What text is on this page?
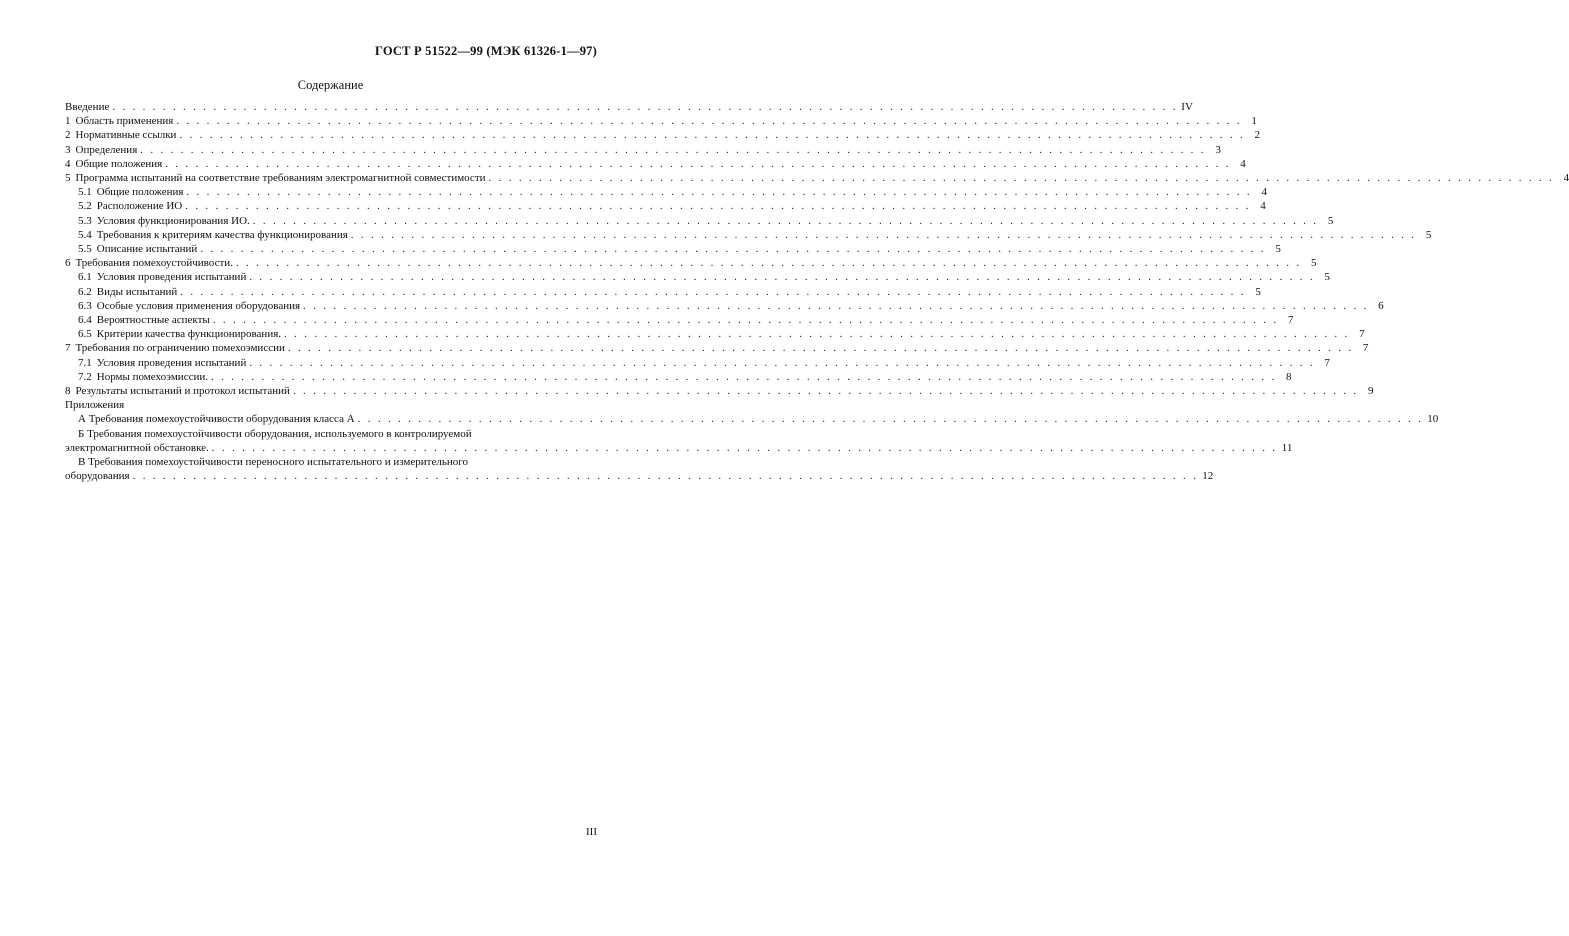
ГОСТ Р 51522—99 (МЭК 61326-1—97)
Содержание
Введение . . . . . . . . . . . . . . . . . . . . . . . . . . . . . . . . . . . . . . . . . . . . . . . . . . . . . . . . . . . . . . . . . . . . . . . . . . . . . . . . . . . . . . . . . . . . . . . . . . . . . . . . . . IV
1 Область применения . . . . . . . . . . . . . . . . . . . . . . . . . . . . . . . . . . . . . . . . . . . . . . . . . . . . . . . . . . . . . . . . . . . . . . . . . . . . . . . . . . . . . . . . . . . . . . . . . . . . . . . . . . 1
2 Нормативные ссылки . . . . . . . . . . . . . . . . . . . . . . . . . . . . . . . . . . . . . . . . . . . . . . . . . . . . . . . . . . . . . . . . . . . . . . . . . . . . . . . . . . . . . . . . . . . . . . . . . . . . . . . . . . 2
3 Определения . . . . . . . . . . . . . . . . . . . . . . . . . . . . . . . . . . . . . . . . . . . . . . . . . . . . . . . . . . . . . . . . . . . . . . . . . . . . . . . . . . . . . . . . . . . . . . . . . . . . . . . . . . 3
4 Общие положения . . . . . . . . . . . . . . . . . . . . . . . . . . . . . . . . . . . . . . . . . . . . . . . . . . . . . . . . . . . . . . . . . . . . . . . . . . . . . . . . . . . . . . . . . . . . . . . . . . . . . . . . . . 4
5 Программа испытаний на соответствие требованиям электромагнитной совместимости . . . . . . . . . . . . . . . . . . . . . . . . . . . . . . . . . . . . . . . . . . . . . . . . . . . . . . . . . . . . . . . . . . . . . . . . . . . . . . . . . . . . . . . . . . . . . . . . . . . . . . . . . . 4
5.1 Общие положения . . . . . . . . . . . . . . . . . . . . . . . . . . . . . . . . . . . . . . . . . . . . . . . . . . . . . . . . . . . . . . . . . . . . . . . . . . . . . . . . . . . . . . . . . . . . . . . . . . . . . . . . . . 4
5.2 Расположение ИО . . . . . . . . . . . . . . . . . . . . . . . . . . . . . . . . . . . . . . . . . . . . . . . . . . . . . . . . . . . . . . . . . . . . . . . . . . . . . . . . . . . . . . . . . . . . . . . . . . . . . . . . . . 4
5.3 Условия функционирования ИО. . . . . . . . . . . . . . . . . . . . . . . . . . . . . . . . . . . . . . . . . . . . . . . . . . . . . . . . . . . . . . . . . . . . . . . . . . . . . . . . . . . . . . . . . . . . . . . . . . . . . . . . . . . 5
5.4 Требования к критериям качества функционирования . . . . . . . . . . . . . . . . . . . . . . . . . . . . . . . . . . . . . . . . . . . . . . . . . . . . . . . . . . . . . . . . . . . . . . . . . . . . . . . . . . . . . . . . . . . . . . . . . . . . . . . . . . 5
5.5 Описание испытаний . . . . . . . . . . . . . . . . . . . . . . . . . . . . . . . . . . . . . . . . . . . . . . . . . . . . . . . . . . . . . . . . . . . . . . . . . . . . . . . . . . . . . . . . . . . . . . . . . . . . . . . . . . 5
6 Требования помехоустойчивости. . . . . . . . . . . . . . . . . . . . . . . . . . . . . . . . . . . . . . . . . . . . . . . . . . . . . . . . . . . . . . . . . . . . . . . . . . . . . . . . . . . . . . . . . . . . . . . . . . . . . . . . . . . 5
6.1 Условия проведения испытаний . . . . . . . . . . . . . . . . . . . . . . . . . . . . . . . . . . . . . . . . . . . . . . . . . . . . . . . . . . . . . . . . . . . . . . . . . . . . . . . . . . . . . . . . . . . . . . . . . . . . . . . . . . 5
6.2 Виды испытаний . . . . . . . . . . . . . . . . . . . . . . . . . . . . . . . . . . . . . . . . . . . . . . . . . . . . . . . . . . . . . . . . . . . . . . . . . . . . . . . . . . . . . . . . . . . . . . . . . . . . . . . . . . 5
6.3 Особые условия применения оборудования . . . . . . . . . . . . . . . . . . . . . . . . . . . . . . . . . . . . . . . . . . . . . . . . . . . . . . . . . . . . . . . . . . . . . . . . . . . . . . . . . . . . . . . . . . . . . . . . . . . . . . . . . . 6
6.4 Вероятностные аспекты . . . . . . . . . . . . . . . . . . . . . . . . . . . . . . . . . . . . . . . . . . . . . . . . . . . . . . . . . . . . . . . . . . . . . . . . . . . . . . . . . . . . . . . . . . . . . . . . . . . . . . . . . . 7
6.5 Критерии качества функционирования. . . . . . . . . . . . . . . . . . . . . . . . . . . . . . . . . . . . . . . . . . . . . . . . . . . . . . . . . . . . . . . . . . . . . . . . . . . . . . . . . . . . . . . . . . . . . . . . . . . . . . . . . . . 7
7 Требования по ограничению помехоэмиссии . . . . . . . . . . . . . . . . . . . . . . . . . . . . . . . . . . . . . . . . . . . . . . . . . . . . . . . . . . . . . . . . . . . . . . . . . . . . . . . . . . . . . . . . . . . . . . . . . . . . . . . . . . 7
7.1 Условия проведения испытаний . . . . . . . . . . . . . . . . . . . . . . . . . . . . . . . . . . . . . . . . . . . . . . . . . . . . . . . . . . . . . . . . . . . . . . . . . . . . . . . . . . . . . . . . . . . . . . . . . . . . . . . . . . 7
7.2 Нормы помехоэмиссии. . . . . . . . . . . . . . . . . . . . . . . . . . . . . . . . . . . . . . . . . . . . . . . . . . . . . . . . . . . . . . . . . . . . . . . . . . . . . . . . . . . . . . . . . . . . . . . . . . . . . . . . . . . 8
8 Результаты испытаний и протокол испытаний . . . . . . . . . . . . . . . . . . . . . . . . . . . . . . . . . . . . . . . . . . . . . . . . . . . . . . . . . . . . . . . . . . . . . . . . . . . . . . . . . . . . . . . . . . . . . . . . . . . . . . . . . . 9
Приложения
А Требования помехоустойчивости оборудования класса А . . . . . . . . . . . . . . . . . . . . . . . . . . . . . . . . . . . . . . . . . . . . . . . . . . . . . . . . . . . . . . . . . . . . . . . . . . . . . . . . . . . . . . . . . . . . . . . . . . . . . . . . . . 10
Б Требования помехоустойчивости оборудования, используемого в контролируемой
электромагнитной обстановке. . . . . . . . . . . . . . . . . . . . . . . . . . . . . . . . . . . . . . . . . . . . . . . . . . . . . . . . . . . . . . . . . . . . . . . . . . . . . . . . . . . . . . . . . . . . . . . . . . . . . . . . . . . 11
В Требования помехоустойчивости переносного испытательного и измерительного
оборудования . . . . . . . . . . . . . . . . . . . . . . . . . . . . . . . . . . . . . . . . . . . . . . . . . . . . . . . . . . . . . . . . . . . . . . . . . . . . . . . . . . . . . . . . . . . . . . . . . . . . . . . . . . 12
III
